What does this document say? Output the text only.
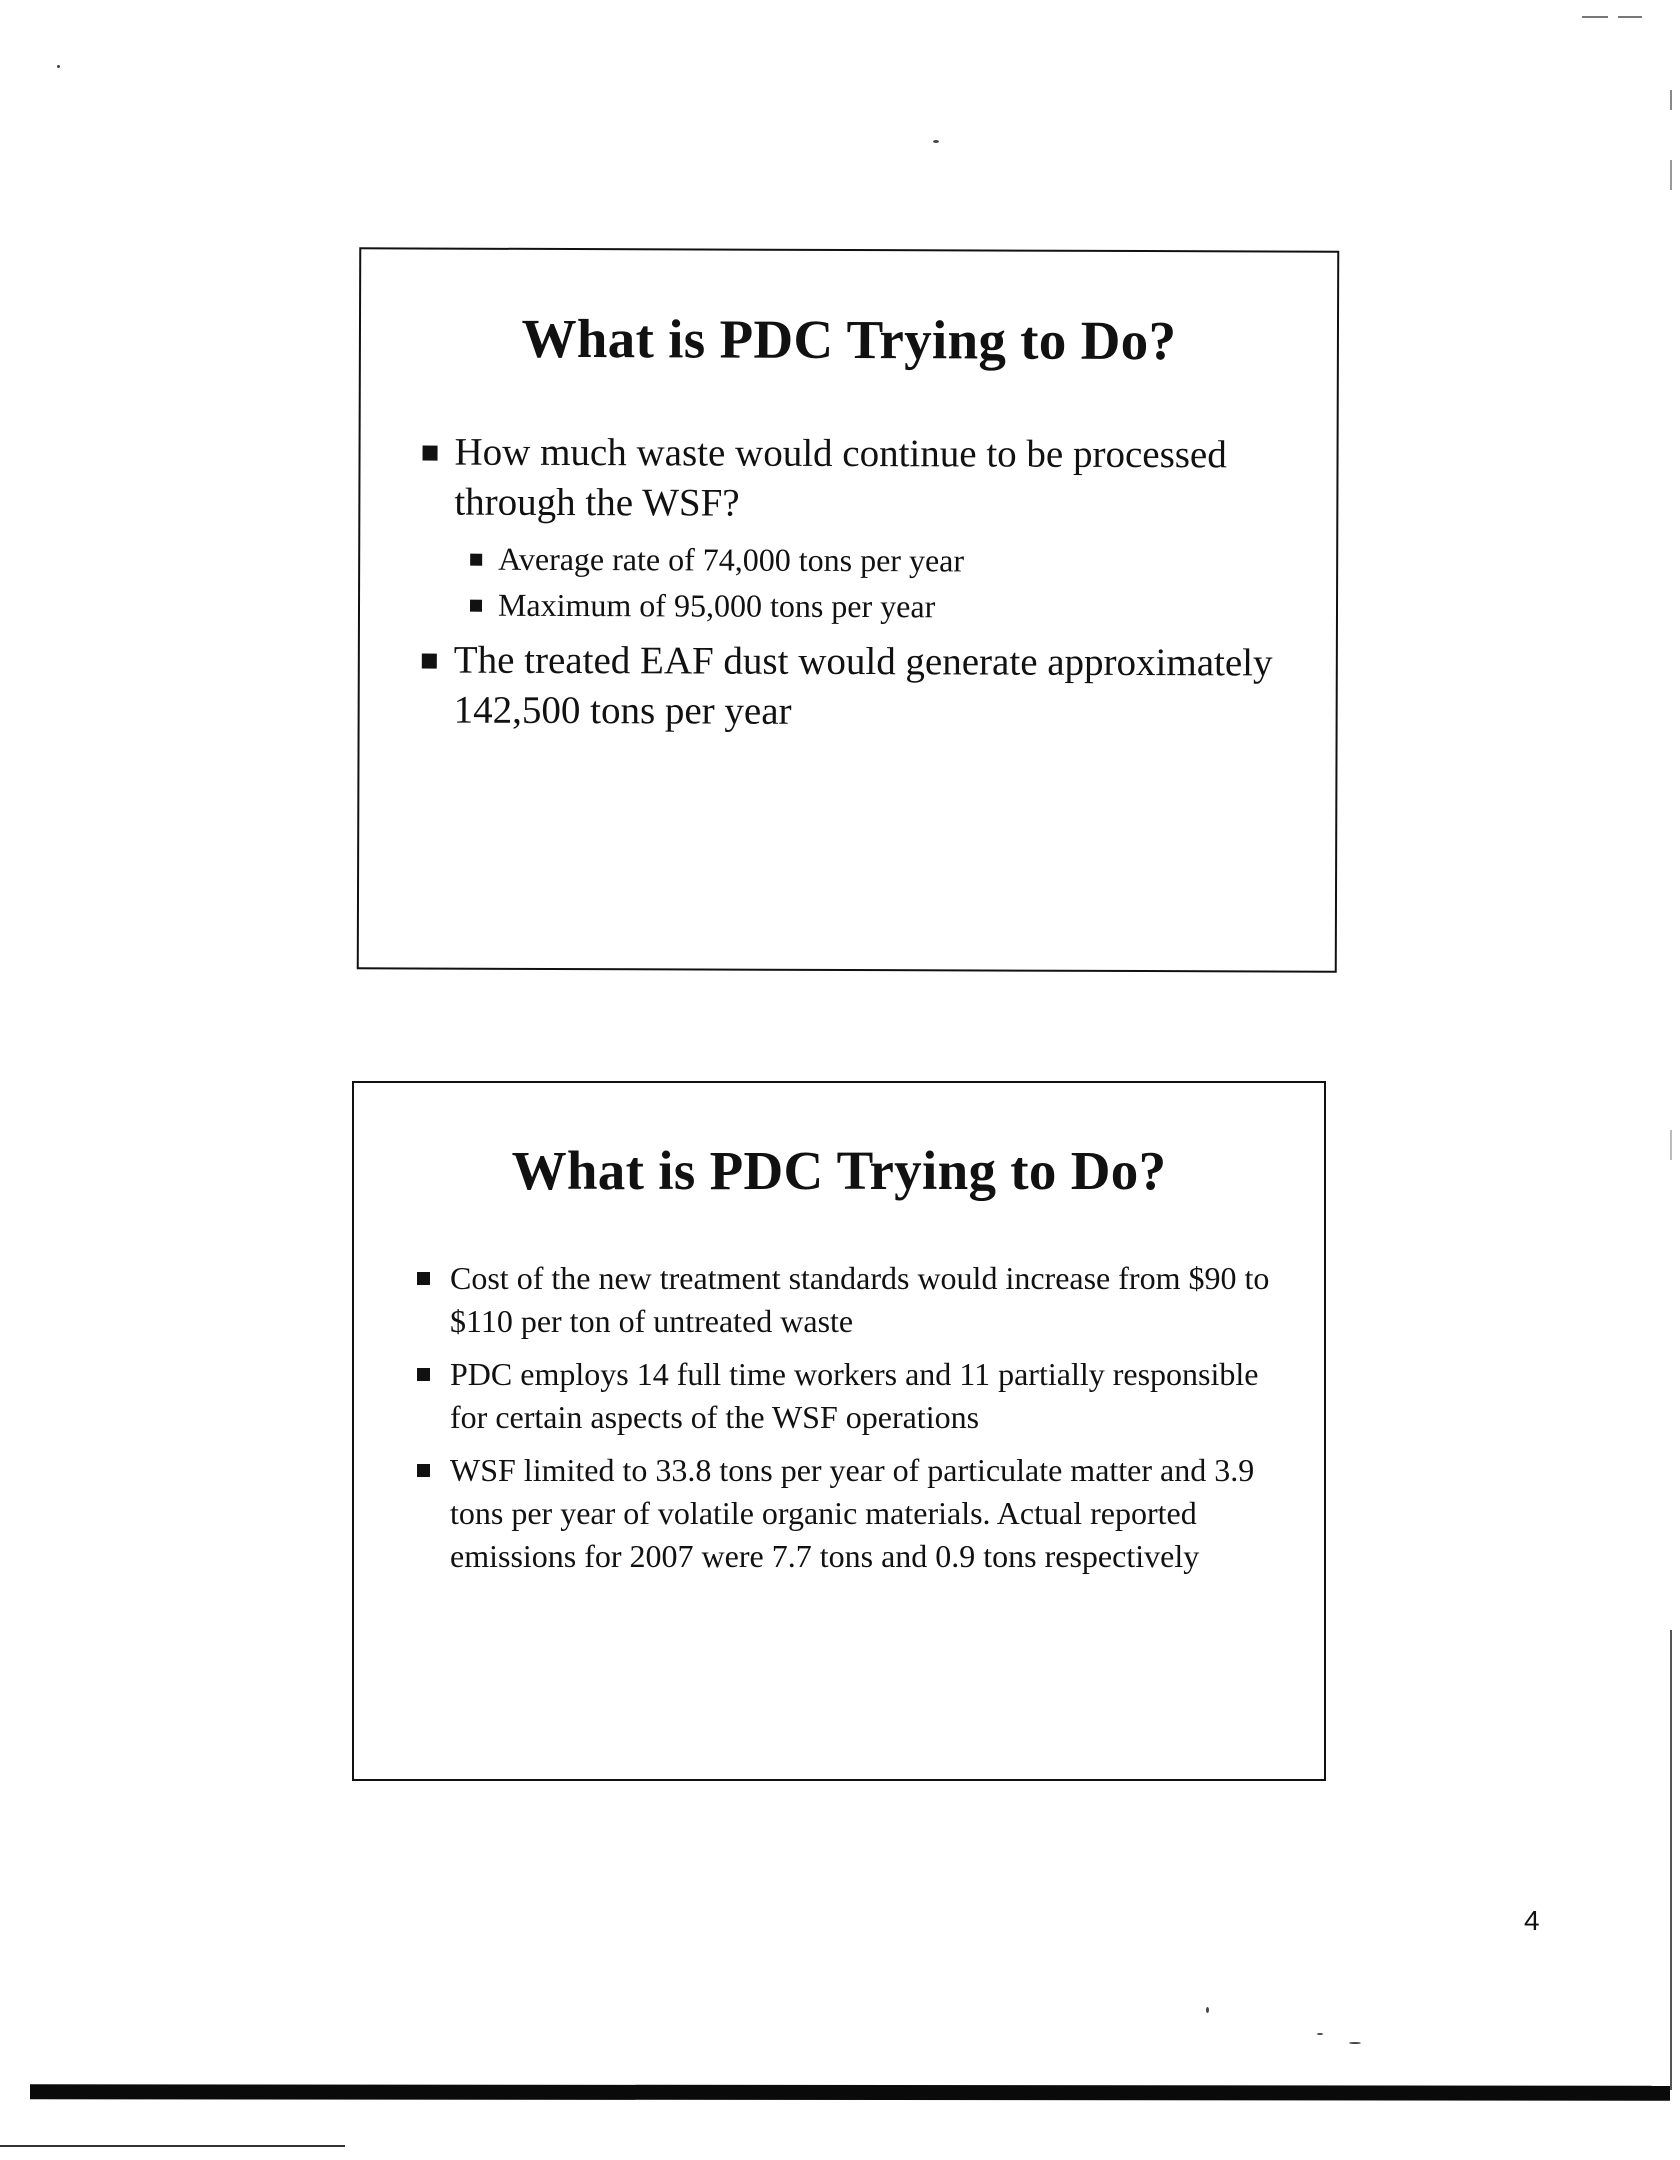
What is PDC Trying to Do?
How much waste would continue to be processed through the WSF?
Average rate of 74,000 tons per year
Maximum of 95,000 tons per year
The treated EAF dust would generate approximately 142,500 tons per year
What is PDC Trying to Do?
Cost of the new treatment standards would increase from $90 to $110 per ton of untreated waste
PDC employs 14 full time workers and 11 partially responsible for certain aspects of the WSF operations
WSF limited to 33.8 tons per year of particulate matter and 3.9 tons per year of volatile organic materials. Actual reported emissions for 2007 were 7.7 tons and 0.9 tons respectively
4
